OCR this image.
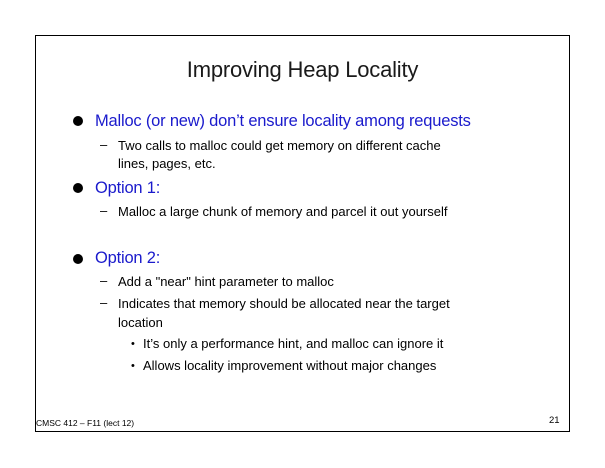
Improving Heap Locality
Malloc (or new) don’t ensure locality among requests
– Two calls to malloc could get memory on different cache
lines, pages, etc.
Option 1:
– Malloc a large chunk of memory and parcel it out yourself
Option 2:
– Add a "near" hint parameter to malloc
– Indicates that memory should be allocated near the target
location
• It’s only a performance hint, and malloc can ignore it
• Allows locality improvement without major changes
CMSC 412 – F11 (lect 12)	21
